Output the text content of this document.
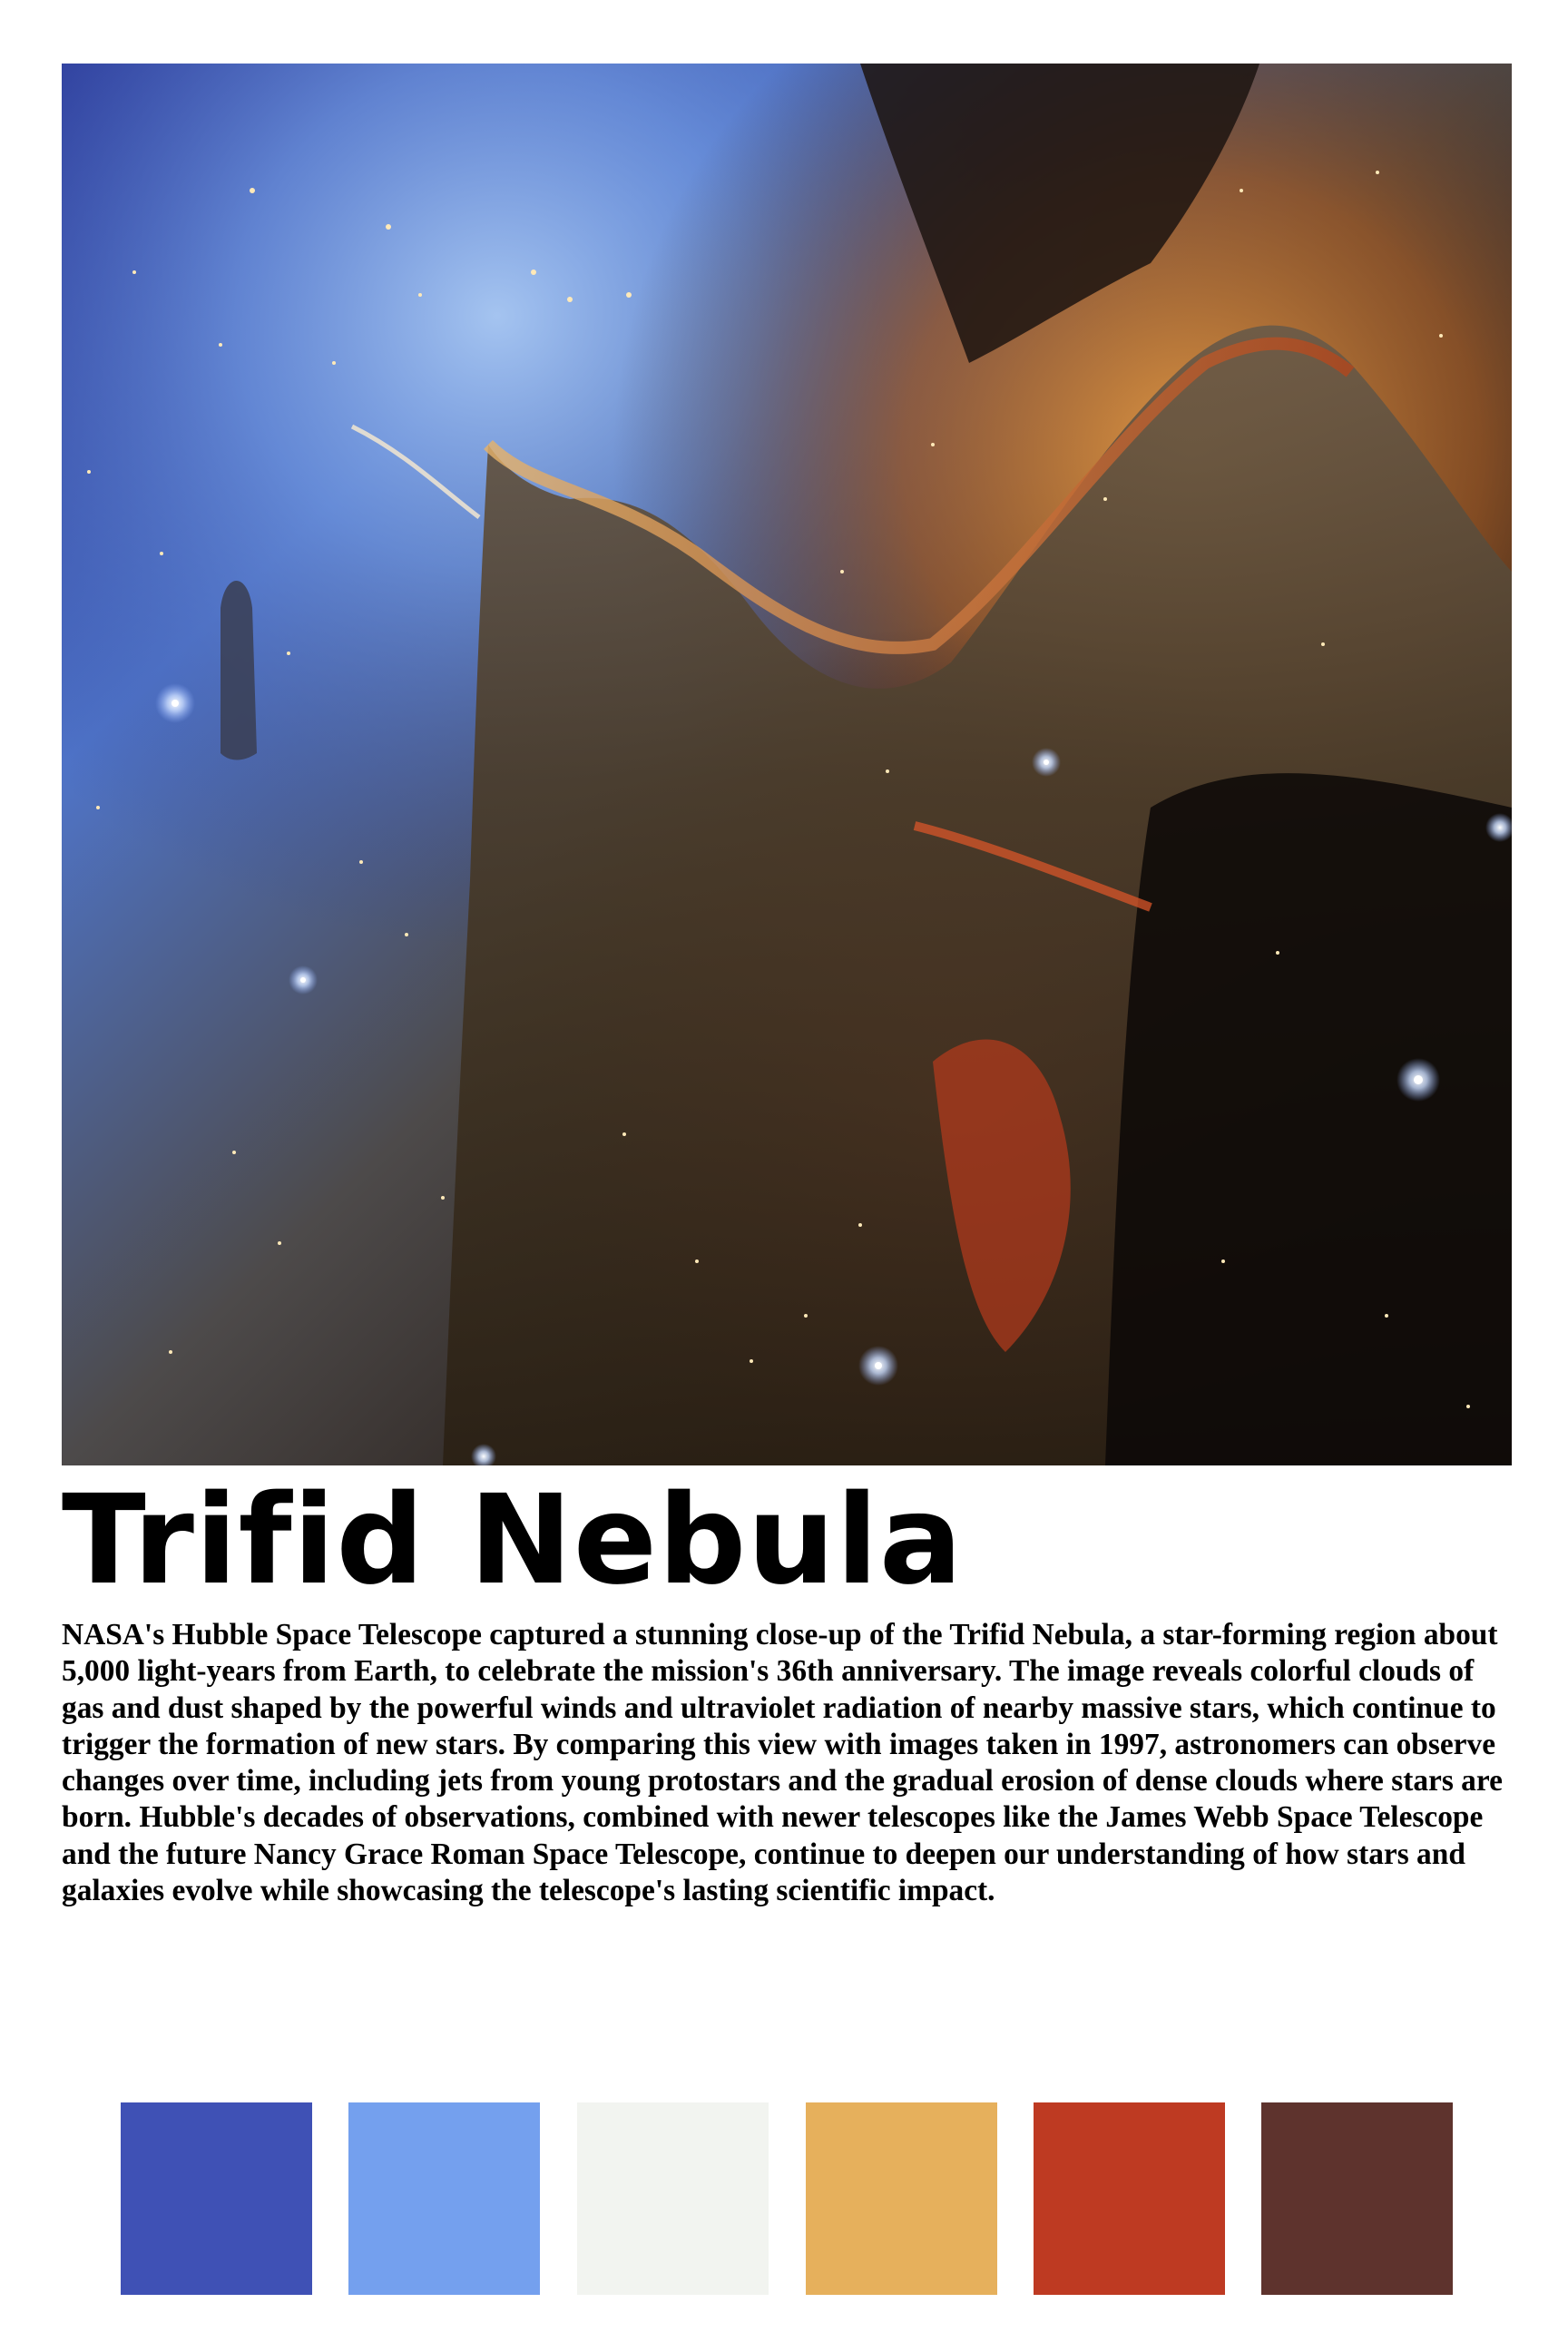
Trifid Nebula

NASA's Hubble Space Telescope captured a stunning close-up of the Trifid Nebula, a star-forming region about 5,000 light-years from Earth, to celebrate the mission's 36th anniversary. The image reveals colorful clouds of gas and dust shaped by the powerful winds and ultraviolet radiation of nearby massive stars, which continue to trigger the formation of new stars. By comparing this view with images taken in 1997, astronomers can observe changes over time, including jets from young protostars and the gradual erosion of dense clouds where stars are born. Hubble's decades of observations, combined with newer telescopes like the James Webb Space Telescope and the future Nancy Grace Roman Space Telescope, continue to deepen our understanding of how stars and galaxies evolve while showcasing the telescope's lasting scientific impact.
